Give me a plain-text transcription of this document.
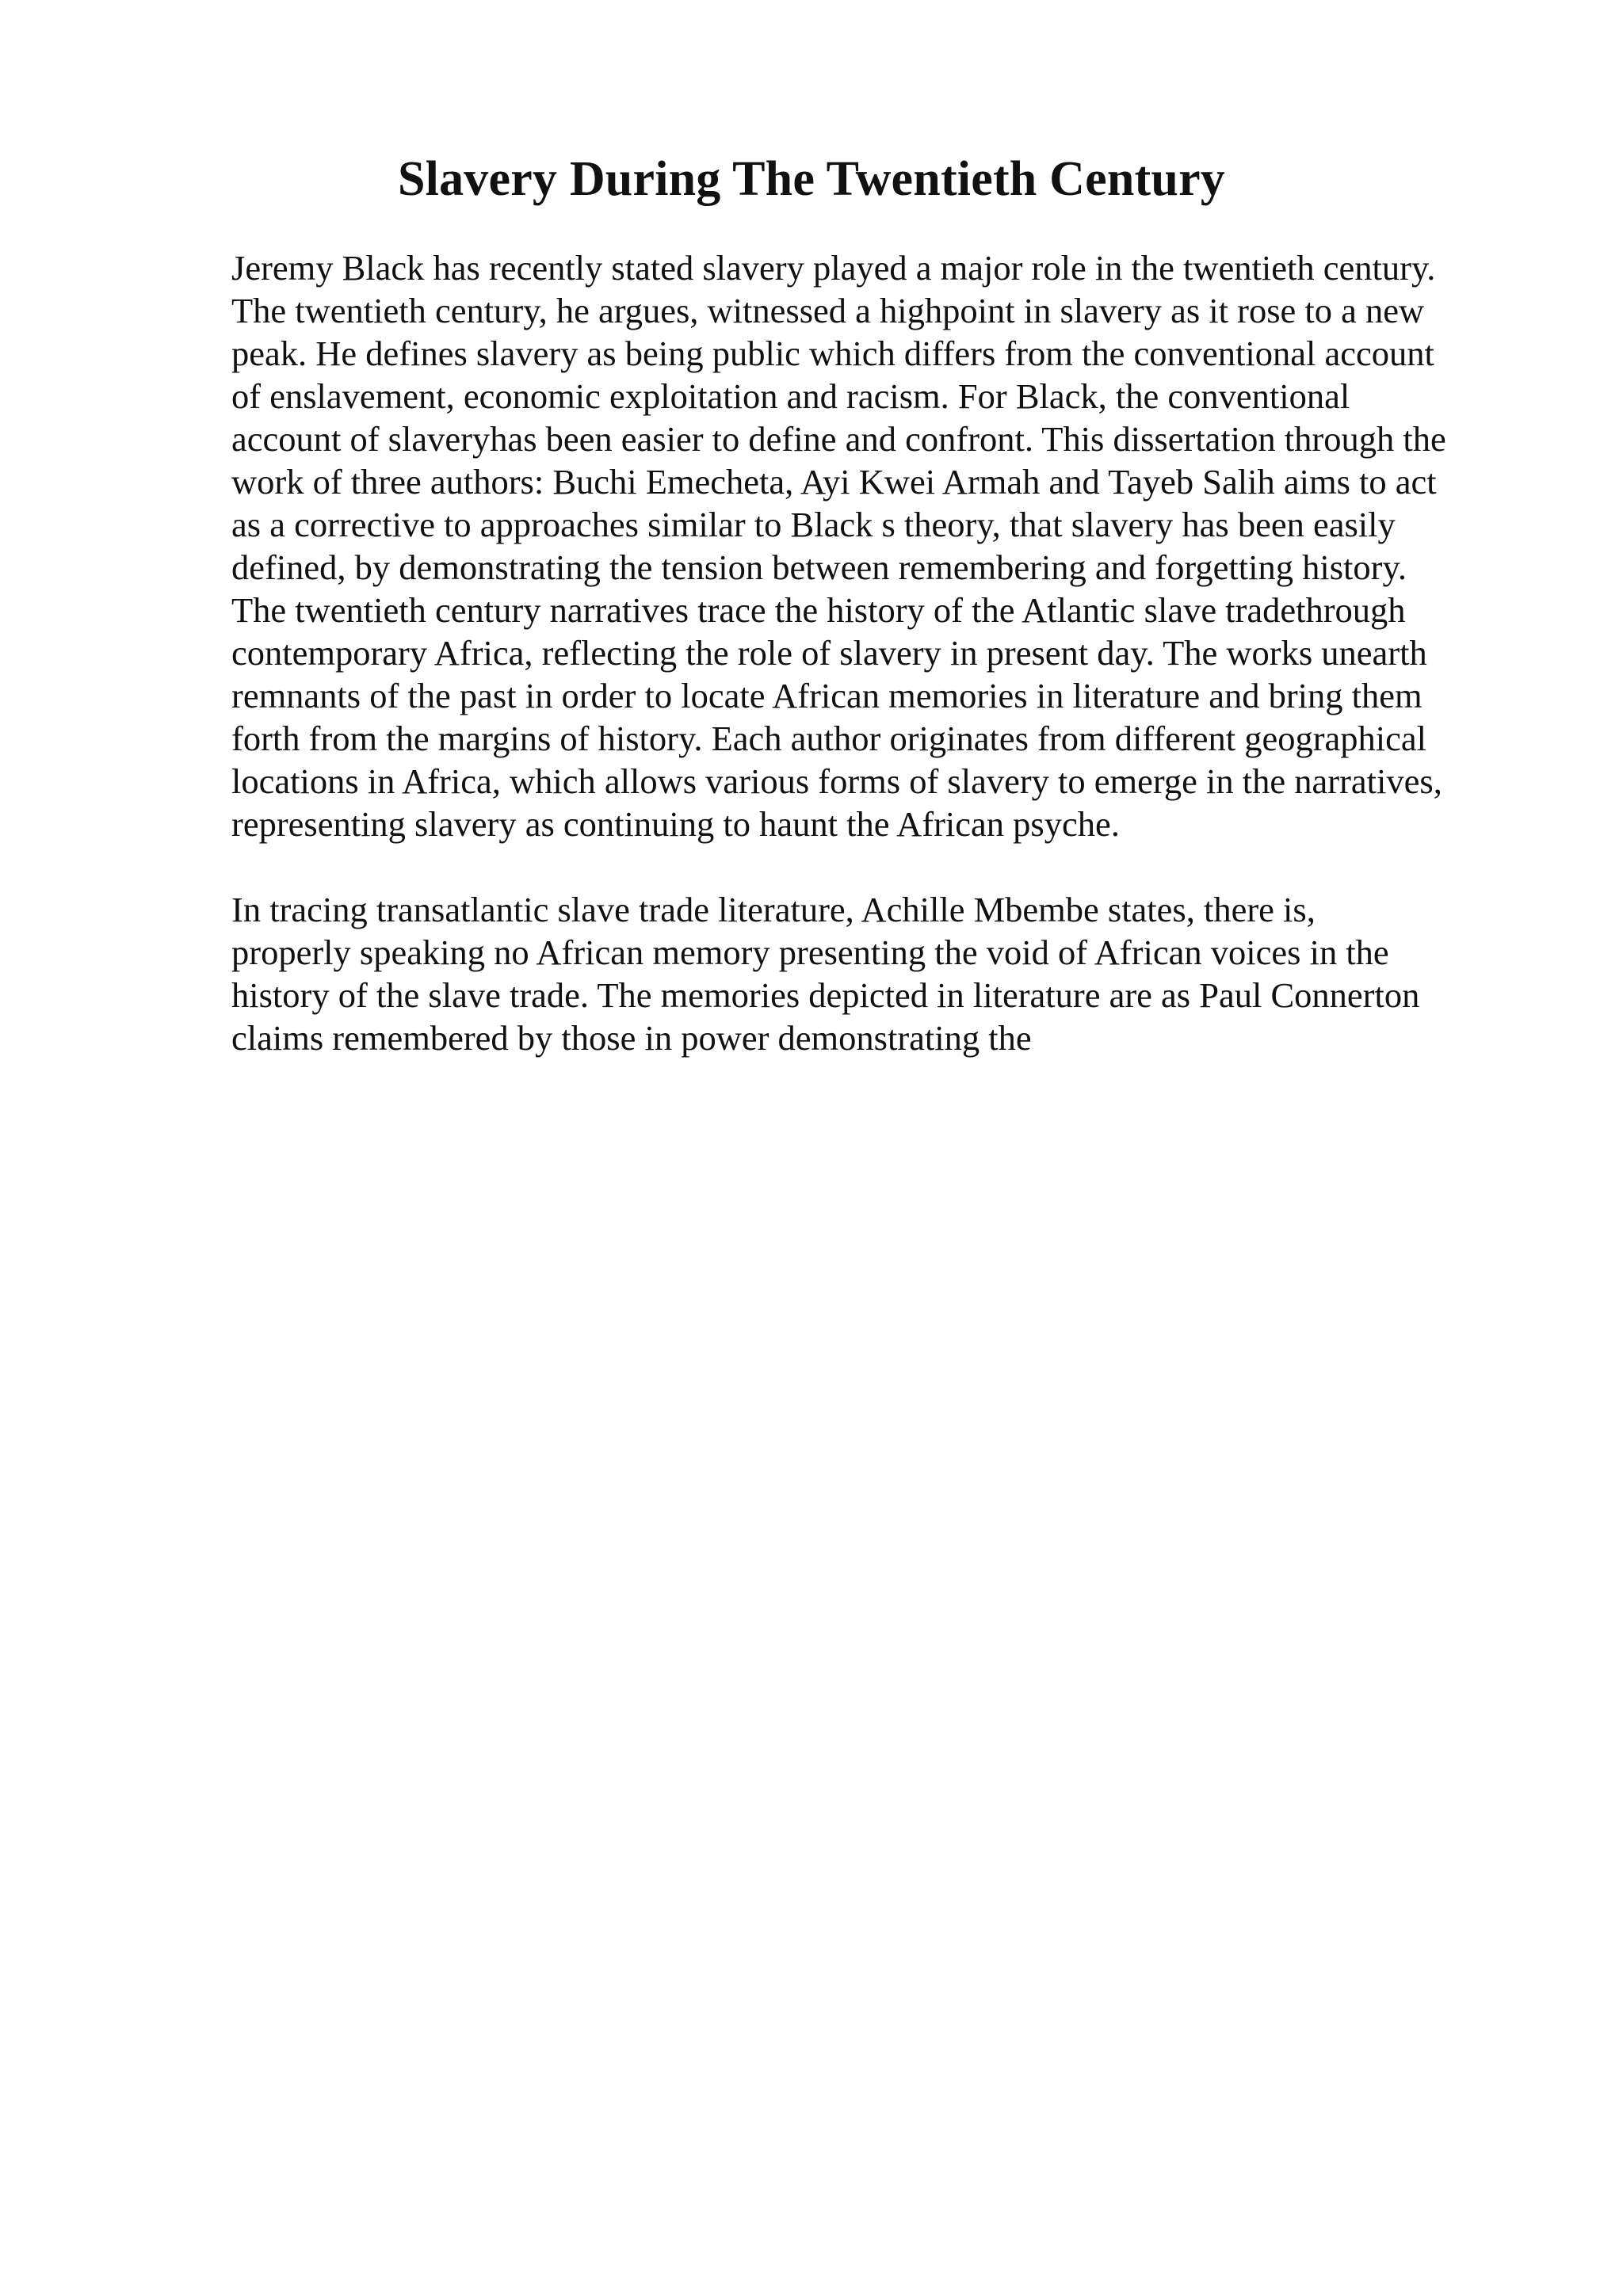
Slavery During The Twentieth Century

Jeremy Black has recently stated slavery played a major role in the twentieth century.
The twentieth century, he argues, witnessed a highpoint in slavery as it rose to a new
peak. He defines slavery as being public which differs from the conventional account
of enslavement, economic exploitation and racism. For Black, the conventional
account of slaveryhas been easier to define and confront. This dissertation through the
work of three authors: Buchi Emecheta, Ayi Kwei Armah and Tayeb Salih aims to act
as a corrective to approaches similar to Black s theory, that slavery has been easily
defined, by demonstrating the tension between remembering and forgetting history.
The twentieth century narratives trace the history of the Atlantic slave tradethrough
contemporary Africa, reflecting the role of slavery in present day. The works unearth
remnants of the past in order to locate African memories in literature and bring them
forth from the margins of history. Each author originates from different geographical
locations in Africa, which allows various forms of slavery to emerge in the narratives,
representing slavery as continuing to haunt the African psyche.

In tracing transatlantic slave trade literature, Achille Mbembe states, there is,
properly speaking no African memory presenting the void of African voices in the
history of the slave trade. The memories depicted in literature are as Paul Connerton
claims remembered by those in power demonstrating the
